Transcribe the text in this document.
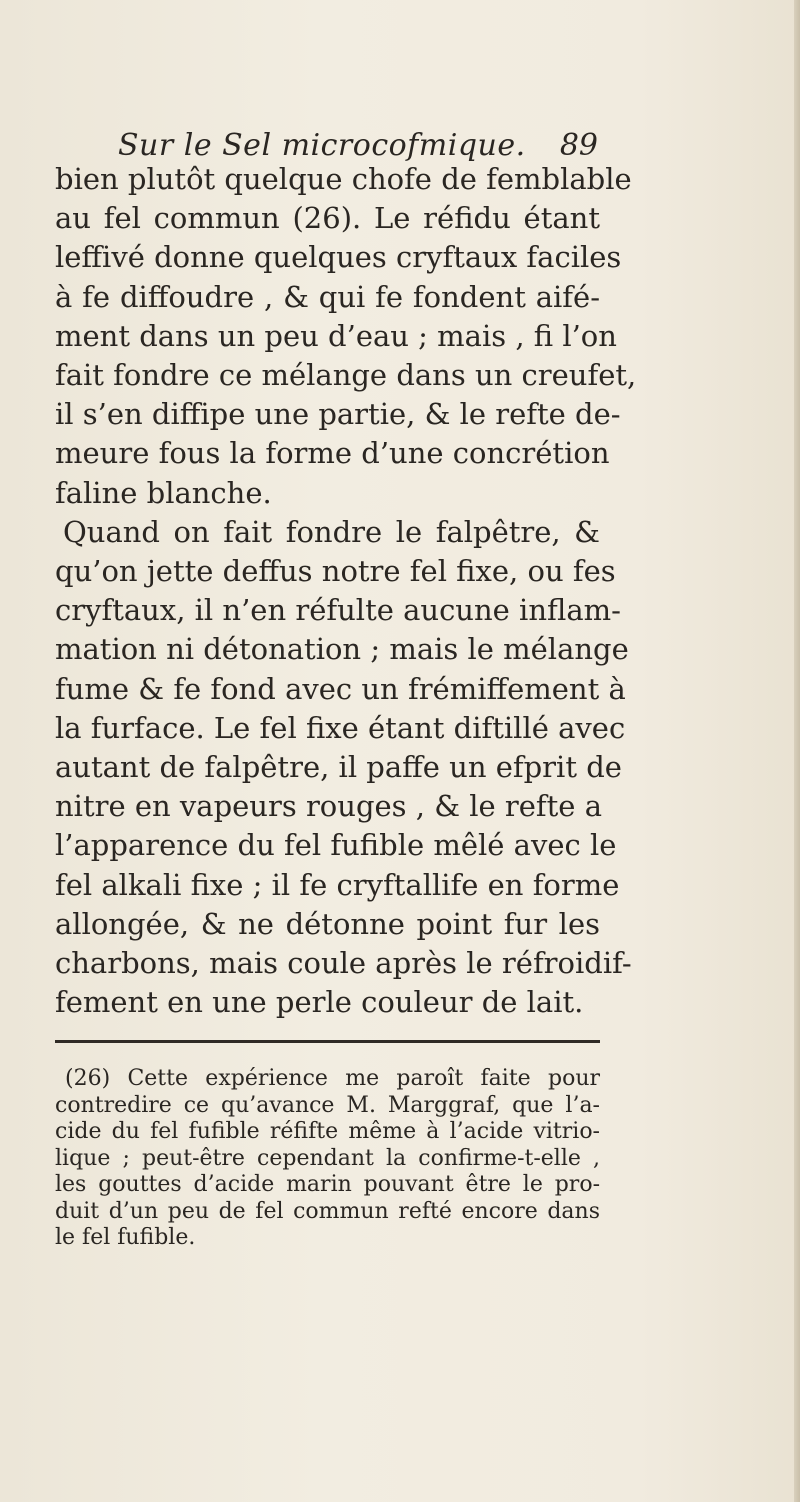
Sur le Sel microcofmique. 89
bien plutôt quelque chofe de femblable
au fel commun (26). Le réfidu étant
leffivé donne quelques cryftaux faciles
à fe diffoudre , & qui fe fondent aifé-
ment dans un peu d’eau ; mais , fi l’on
fait fondre ce mélange dans un creufet,
il s’en diffipe une partie, & le refte de-
meure fous la forme d’une concrétion
faline blanche.
Quand on fait fondre le falpêtre, &
qu’on jette deffus notre fel fixe, ou fes
cryftaux, il n’en réfulte aucune inflam-
mation ni détonation ; mais le mélange
fume & fe fond avec un frémiffement à
la furface. Le fel fixe étant diftillé avec
autant de falpêtre, il paffe un efprit de
nitre en vapeurs rouges , & le refte a
l’apparence du fel fufible mêlé avec le
fel alkali fixe ; il fe cryftallife en forme
allongée, & ne détonne point fur les
charbons, mais coule après le réfroidif-
fement en une perle couleur de lait.
(26) Cette expérience me paroît faite pour
contredire ce qu’avance M. Marggraf, que l’a-
cide du fel fufible réfifte même à l’acide vitrio-
lique ; peut-être cependant la confirme-t-elle ,
les gouttes d’acide marin pouvant être le pro-
duit d’un peu de fel commun refté encore dans
le fel fufible.
